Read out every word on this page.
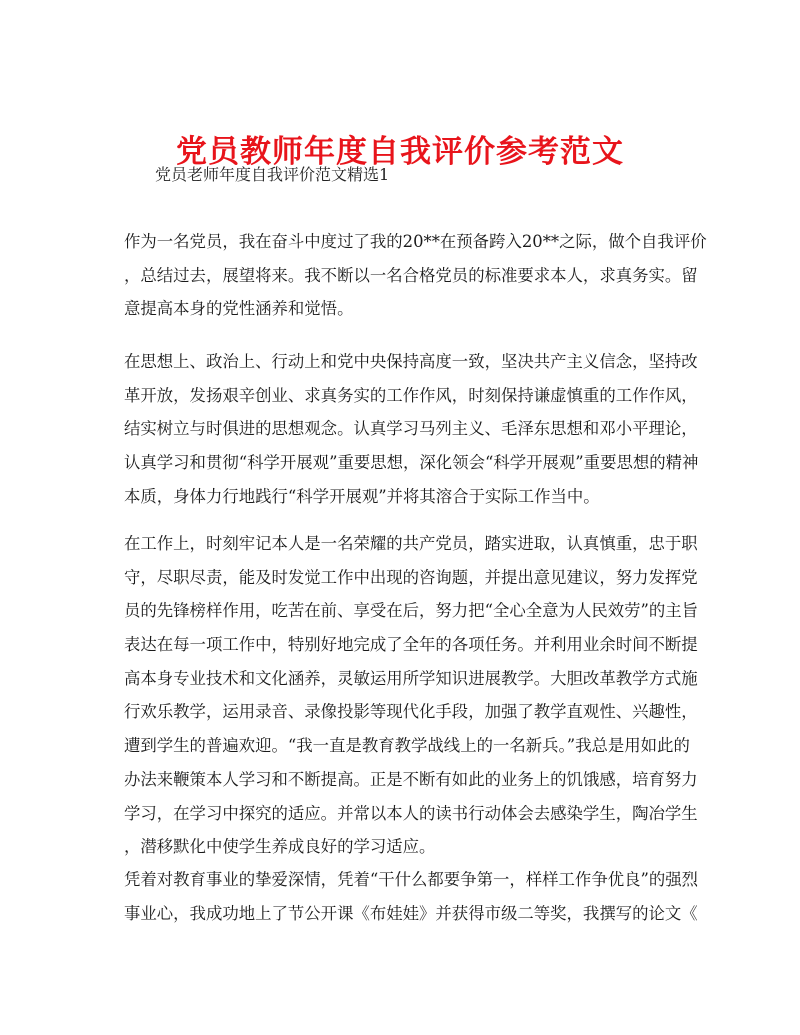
党员教师年度自我评价参考范文
党员老师年度自我评价范文精选1
作为一名党员，我在奋斗中度过了我的20**在预备跨入20**之际，做个自我评价
，总结过去，展望将来。我不断以一名合格党员的标准要求本人，求真务实。留
意提高本身的党性涵养和觉悟。
在思想上、政治上、行动上和党中央保持高度一致，坚决共产主义信念，坚持改
革开放，发扬艰辛创业、求真务实的工作作风，时刻保持谦虚慎重的工作作风，
结实树立与时俱进的思想观念。认真学习马列主义、毛泽东思想和邓小平理论，
认真学习和贯彻“科学开展观”重要思想，深化领会“科学开展观”重要思想的精神
本质，身体力行地践行“科学开展观”并将其溶合于实际工作当中。
在工作上，时刻牢记本人是一名荣耀的共产党员，踏实进取，认真慎重，忠于职
守，尽职尽责，能及时发觉工作中出现的咨询题，并提出意见建议，努力发挥党
员的先锋榜样作用，吃苦在前、享受在后，努力把“全心全意为人民效劳”的主旨
表达在每一项工作中，特别好地完成了全年的各项任务。并利用业余时间不断提
高本身专业技术和文化涵养，灵敏运用所学知识进展教学。大胆改革教学方式施
行欢乐教学，运用录音、录像投影等现代化手段，加强了教学直观性、兴趣性，
遭到学生的普遍欢迎。“我一直是教育教学战线上的一名新兵。”我总是用如此的
办法来鞭策本人学习和不断提高。正是不断有如此的业务上的饥饿感，培育努力
学习，在学习中探究的适应。并常以本人的读书行动体会去感染学生，陶冶学生
，潜移默化中使学生养成良好的学习适应。
凭着对教育事业的挚爱深情，凭着“干什么都要争第一，样样工作争优良”的强烈
事业心，我成功地上了节公开课《布娃娃》并获得市级二等奖，我撰写的论文《
